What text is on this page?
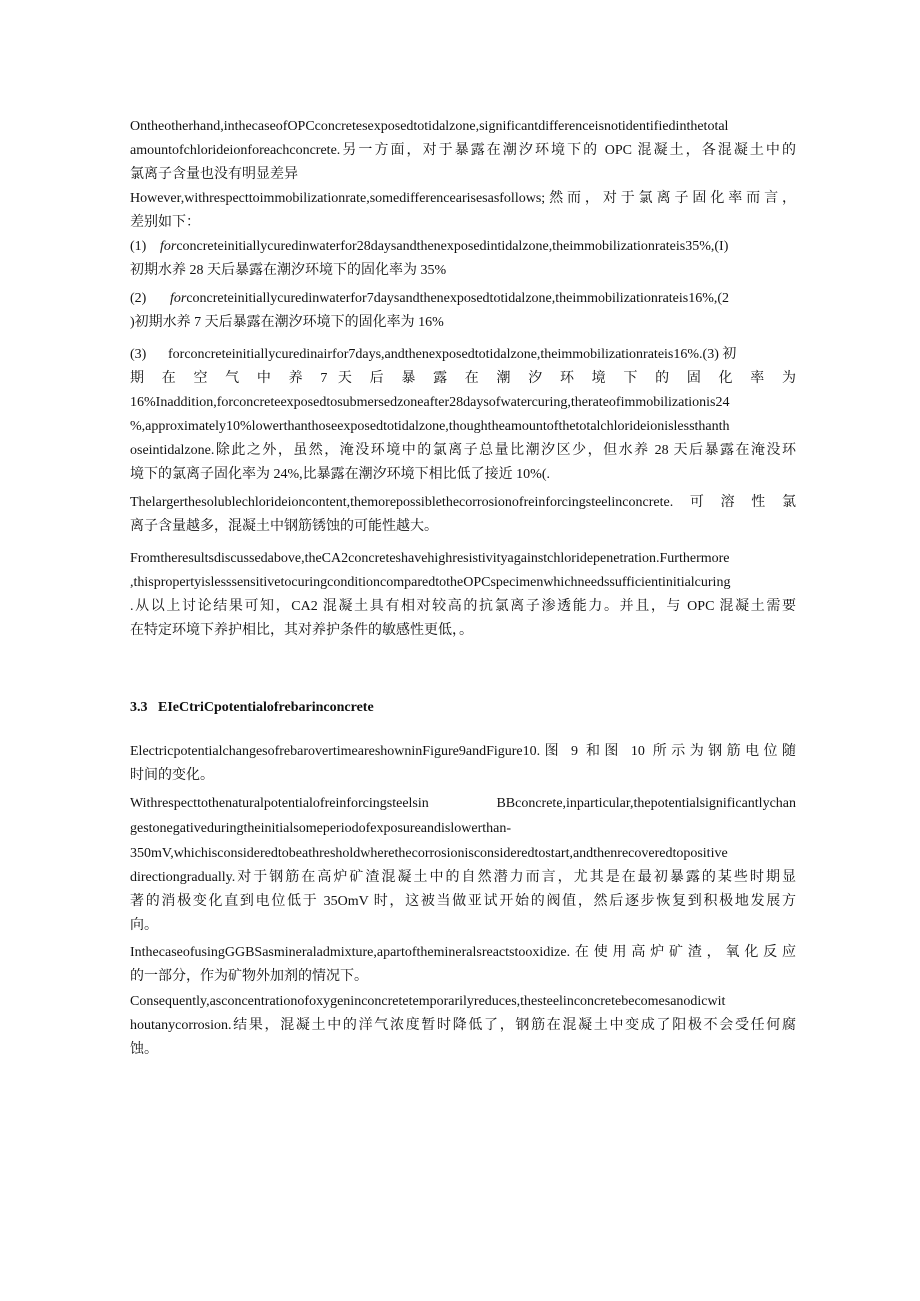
Ontheotherhand,inthecaseofOPCconcretesexposedtotidalzone,significantdifferenceisnotidentifiedinthetotal
amountofchlorideionforeachconcrete.另一方面，对于暴露在潮汐环境下的 OPC 混凝土，各混凝土中的
氯离子含量也没有明显差异
However,withrespecttoimmobilizationrate,somedifferencearisesasfollows;然而，对于氯离子固化率而言，
差别如下：
(1) forconcreteinitiallycuredinwaterfor28daysandthenexposedintidalzone,theimmobilizationrateis35%,(I)
初期水养 28 天后暴露在潮汐环境下的固化率为 35%
(2) forconcreteinitiallycuredinwaterfor7daysandthenexposedtotidalzone,theimmobilizationrateis16%,(2
)初期水养 7 天后暴露在潮汐环境下的固化率为 16%
(3) forconcreteinitiallycuredinairfor7days,andthenexposedtotidalzone,theimmobilizationrateis16%.(3) 初
期 在 空 气 中 养 7 天 后 暴 露 在 潮 汐 环 境 下 的 固 化 率 为
16%Inaddition,forconcreteexposedtosubmersedzoneafter28daysofwatercuring,therateofimmobilizationis24
%,approximately10%lowerthanthoseexposedtotidalzone,thoughtheamountofthetotalchlorideionislessthanth
oseintidalzone.除此之外，虽然，淹没环境中的氯离子总量比潮汐区少，但水养 28 天后暴露在淹没环
境下的氯离子固化率为 24%,比暴露在潮汐环境下相比低了接近 10%(.
Thelargerthesolublechlorideioncontent,themorepossiblethecorrosionofreinforcingsteelinconcrete.可溶性氯
离子含量越多，混凝土中钢筋锈蚀的可能性越大。
Fromtheresultsdiscussedabove,theCA2concreteshavehighresistivityagainstchloridepenetration.Furthermore
,thispropertyislesssensitivetocuringconditioncomparedtotheOPCspecimenwhichneedssufficientinitialcuring
.从以上讨论结果可知，CA2 混凝土具有相对较高的抗氯离子渗透能力。并且，与 OPC 混凝土需要
在特定环境下养护相比，其对养护条件的敏感性更低，。
3.3 EIeCtriCpotentialofrebarinconcrete
ElectricpotentialchangesofrebarovertimeareshowninFigure9andFigure10.图 9 和图 10 所示为钢筋电位随
时间的变化。
Withrespecttothenaturalpotentialofreinforcingsteelsin BBconcrete,inparticular,thepotentialsignificantlychan
gestonegativeduringtheinitialsomeperiodofexposureandislowerthan-
350mV,whichisconsideredtobeathresholdwherethecorrosionisconsideredtostart,andthenrecoveredtopositive
directiongradually.对于钢筋在高炉矿渣混凝土中的自然潜力而言，尤其是在最初暴露的某些时期显
著的消极变化直到电位低于 35OmV 时，这被当做亚试开始的阀值，然后逐步恢复到积极地发展方
向。
InthecaseofusingGGBSasmineraladmixture,apartofthemineralsreactstooxidize.在使用高炉矿渣，氧化反应
的一部分，作为矿物外加剂的情况下。
Consequently,asconcentrationofoxygeninconcretetemporarilyreduces,thesteelinconcretebecomesanodicwit
houtanycorrosion.结果，混凝土中的洋气浓度暂时降低了，钢筋在混凝土中变成了阳极不会受任何腐
蚀。
